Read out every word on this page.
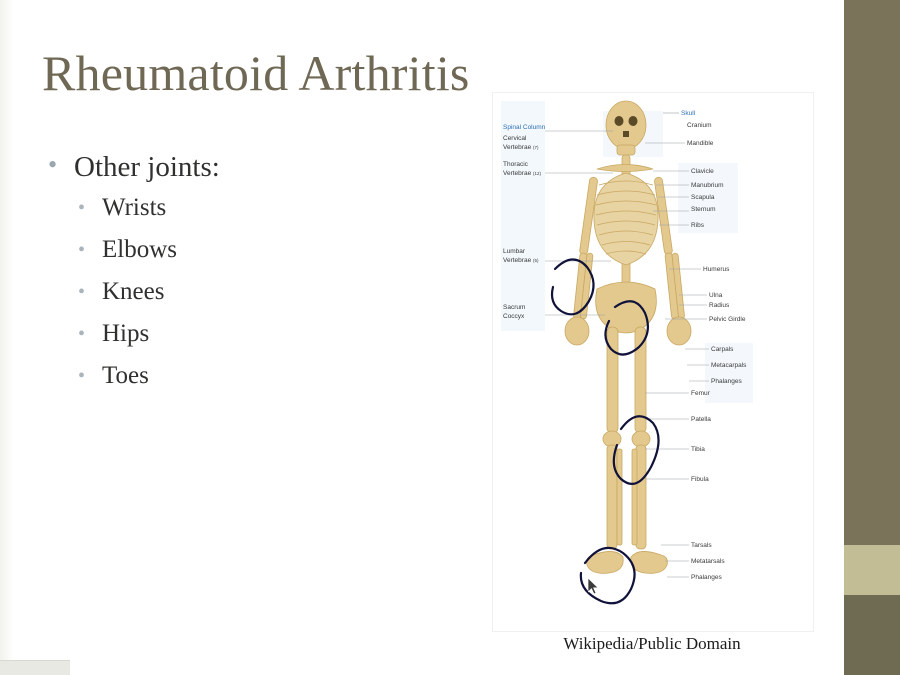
Rheumatoid Arthritis
• Other joints:
• Wrists
• Elbows
• Knees
• Hips
• Toes
Spinal Column
Cervical
Vertebrae (7)
Thoracic
Vertebrae (12)
Lumbar
Vertebrae (5)
Sacrum
Coccyx
Skull
Cranium
Mandible
Clavicle
Manubrium
Scapula
Sternum
Ribs
Humerus
Ulna
Radius
Pelvic Girdle
Carpals
Metacarpals
Phalanges
Femur
Patella
Tibia
Fibula
Tarsals
Metatarsals
Phalanges
Wikipedia/Public Domain
